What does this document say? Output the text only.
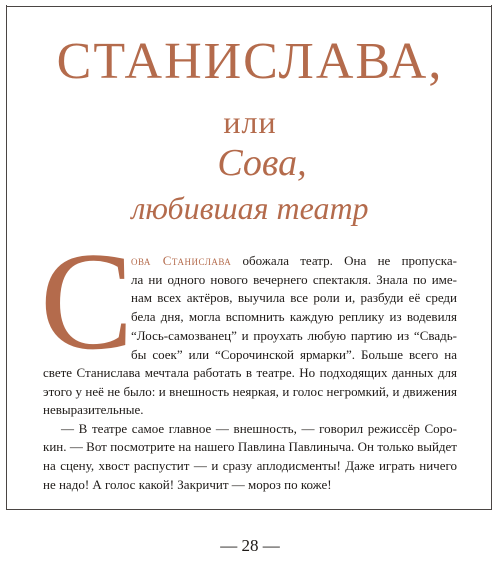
СТАНИСЛАВА,
или
Сова,
любившая театр
С
ова Станислава обожала театр. Она не пропуска-
ла ни одного нового вечернего спектакля. Знала по име-
нам всех актёров, выучила все роли и, разбуди её среди
бела дня, могла вспомнить каждую реплику из водевиля
“Лось-самозванец” и проухать любую партию из “Свадь-
бы соек” или “Сорочинской ярмарки”. Больше всего на
свете Станислава мечтала работать в театре. Но подходящих данных для
этого у неё не было: и внешность неяркая, и голос негромкий, и движения
невыразительные.
— В театре самое главное — внешность, — говорил режиссёр Сорo-
кин. — Вот посмотрите на нашего Павлина Павлиныча. Он только выйдет
на сцену, хвост распустит — и сразу аплодисменты! Даже играть ничего
не надо! А голос какой! Закричит — мороз по коже!
— 28 —
